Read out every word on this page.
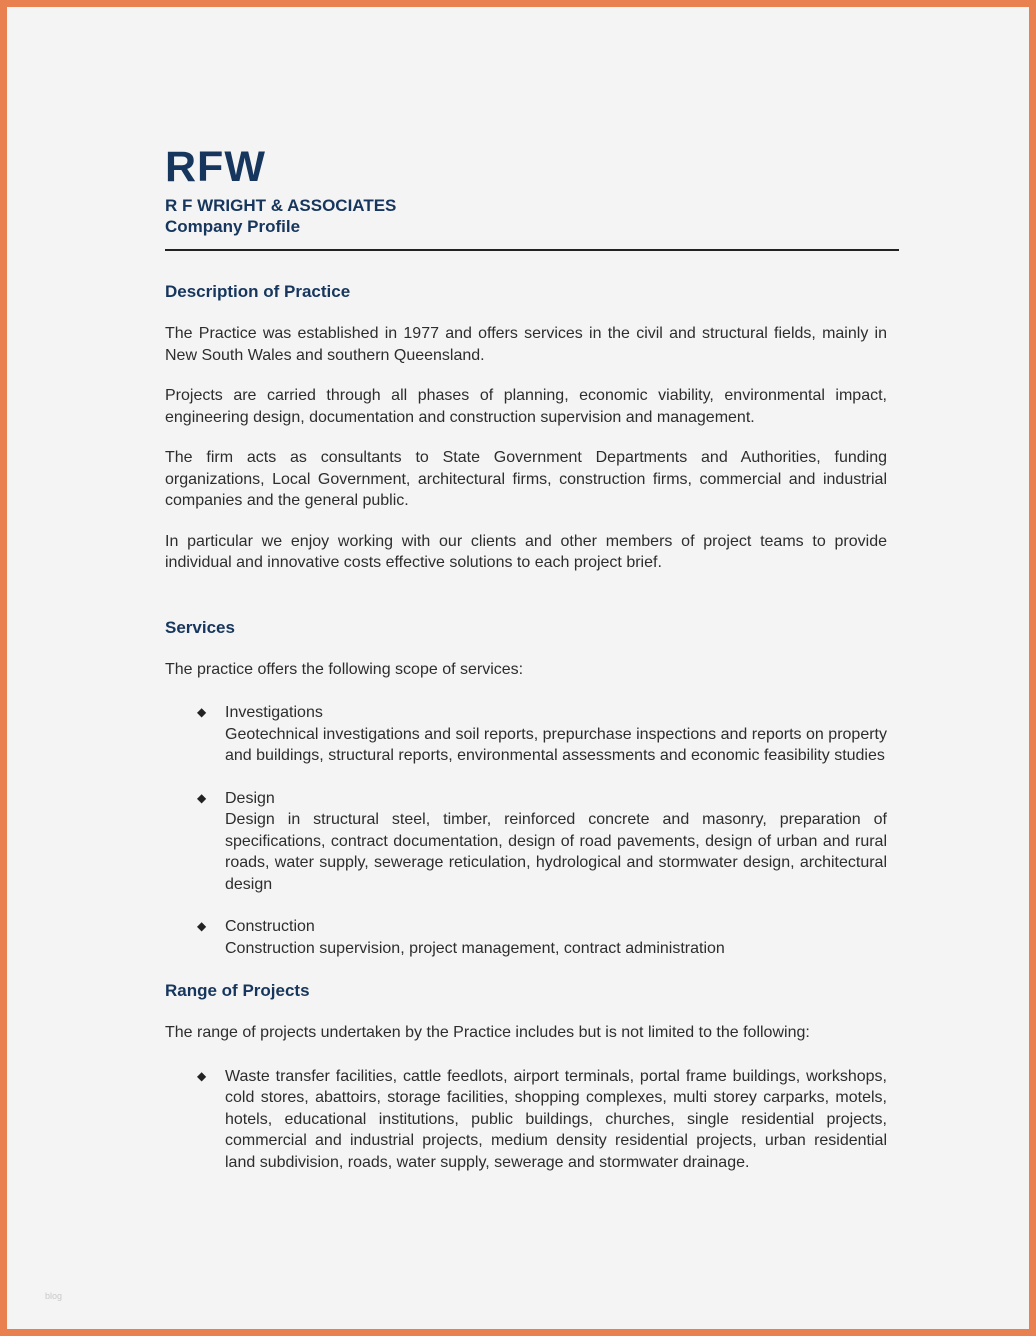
RFW
R F WRIGHT & ASSOCIATES
Company Profile
Description of Practice

The Practice was established in 1977 and offers services in the civil and structural fields, mainly in New South Wales and southern Queensland.

Projects are carried through all phases of planning, economic viability, environmental impact, engineering design, documentation and construction supervision and management.

The firm acts as consultants to State Government Departments and Authorities, funding organizations, Local Government, architectural firms, construction firms, commercial and industrial companies and the general public.

In particular we enjoy working with our clients and other members of project teams to provide individual and innovative costs effective solutions to each project brief.

Services

The practice offers the following scope of services:

◆ Investigations
Geotechnical investigations and soil reports, prepurchase inspections and reports on property and buildings, structural reports, environmental assessments and economic feasibility studies
◆ Design
Design in structural steel, timber, reinforced concrete and masonry, preparation of specifications, contract documentation, design of road pavements, design of urban and rural roads, water supply, sewerage reticulation, hydrological and stormwater design, architectural design
◆ Construction
Construction supervision, project management, contract administration
Range of Projects

The range of projects undertaken by the Practice includes but is not limited to the following:

◆ Waste transfer facilities, cattle feedlots, airport terminals, portal frame buildings, workshops, cold stores, abattoirs, storage facilities, shopping complexes, multi storey carparks, motels, hotels, educational institutions, public buildings, churches, single residential projects, commercial and industrial projects, medium density residential projects, urban residential land subdivision, roads, water supply, sewerage and stormwater drainage.
blog
